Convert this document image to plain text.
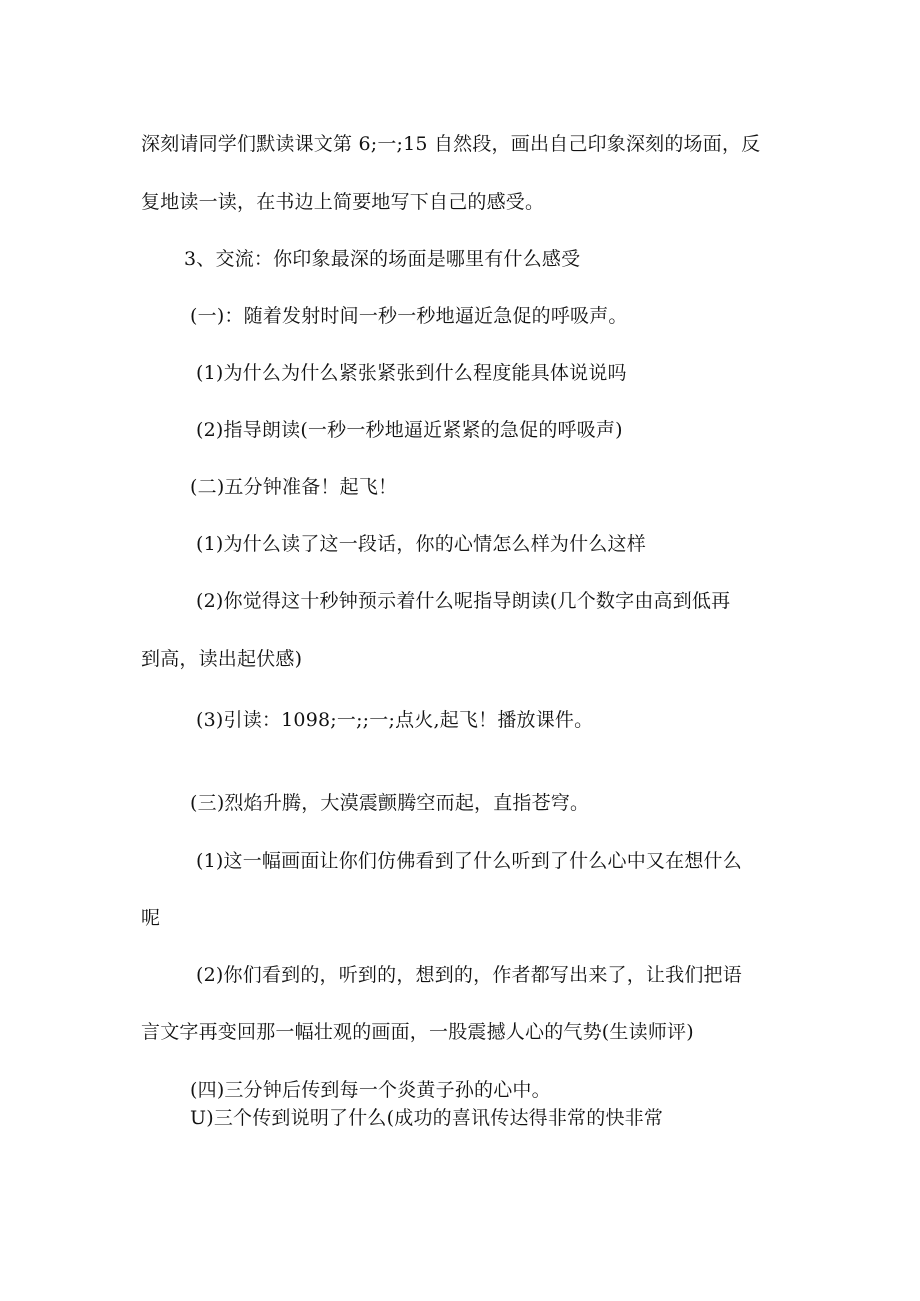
深刻请同学们默读课文第 6;一;15 自然段，画出自己印象深刻的场面，反
复地读一读，在书边上简要地写下自己的感受。
3、交流：你印象最深的场面是哪里有什么感受
(一)：随着发射时间一秒一秒地逼近急促的呼吸声。
(1)为什么为什么紧张紧张到什么程度能具体说说吗
(2)指导朗读(一秒一秒地逼近紧紧的急促的呼吸声)
(二)五分钟准备！起飞！
(1)为什么读了这一段话，你的心情怎么样为什么这样
(2)你觉得这十秒钟预示着什么呢指导朗读(几个数字由高到低再
到高，读出起伏感)
(3)引读：1098;一;;一;点火,起飞！播放课件。
(三)烈焰升腾，大漠震颤腾空而起，直指苍穹。
(1)这一幅画面让你们仿佛看到了什么听到了什么心中又在想什么
呢
(2)你们看到的，听到的，想到的，作者都写出来了，让我们把语
言文字再变回那一幅壮观的画面，一股震撼人心的气势(生读师评)
(四)三分钟后传到每一个炎黄子孙的心中。
U)三个传到说明了什么(成功的喜讯传达得非常的快非常
